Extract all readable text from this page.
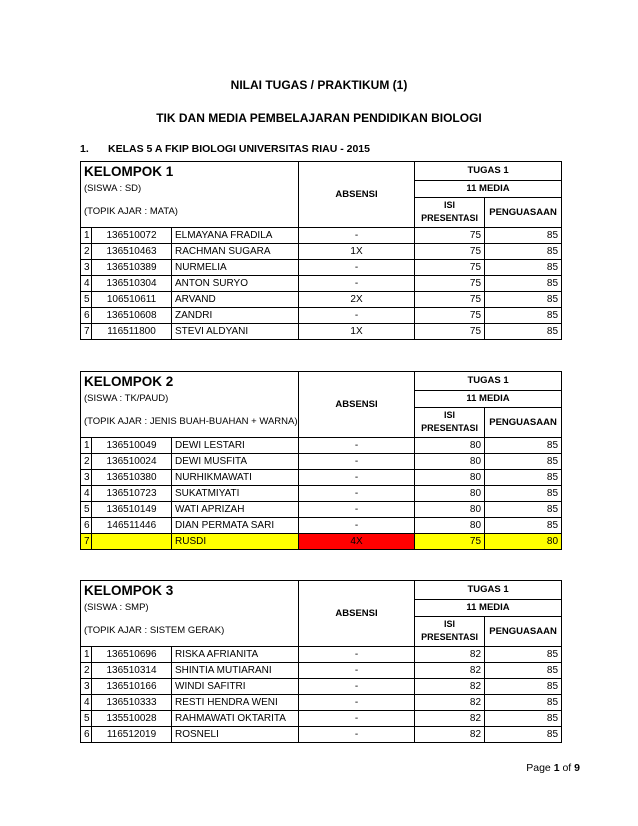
NILAI TUGAS / PRAKTIKUM (1)
TIK DAN MEDIA PEMBELAJARAN PENDIDIKAN BIOLOGI
1. KELAS 5 A FKIP BIOLOGI UNIVERSITAS RIAU - 2015
KELOMPOK 1			ABSENSI	TUGAS 1	
(SISWA : SD)				11 MEDIA	
(TOPIK AJAR : MATA)				ISI
PRESENTASI	PENGUASAAN

1	136510072	ELMAYANA FRADILA	-	75	85
2	136510463	RACHMAN SUGARA	1X	75	85
3	136510389	NURMELIA	-	75	85
4	136510304	ANTON SURYO	-	75	85
5	106510611	ARVAND	2X	75	85
6	136510608	ZANDRI	-	75	85
7	116511800	STEVI ALDYANI	1X	75	85
KELOMPOK 2			ABSENSI	TUGAS 1	
(SISWA : TK/PAUD)				11 MEDIA	
(TOPIK AJAR : JENIS BUAH-BUAHAN + WARNA)				ISI
PRESENTASI	PENGUASAAN

1	136510049	DEWI LESTARI	-	80	85
2	136510024	DEWI MUSFITA	-	80	85
3	136510380	NURHIKMAWATI	-	80	85
4	136510723	SUKATMIYATI	-	80	85
5	136510149	WATI APRIZAH	-	80	85
6	146511446	DIAN PERMATA SARI	-	80	85
7		RUSDI	4X	75	80
KELOMPOK 3			ABSENSI	TUGAS 1	
(SISWA : SMP)				11 MEDIA	
(TOPIK AJAR : SISTEM GERAK)				ISI
PRESENTASI	PENGUASAAN

1	136510696	RISKA AFRIANITA	-	82	85
2	136510314	SHINTIA MUTIARANI	-	82	85
3	136510166	WINDI SAFITRI	-	82	85
4	136510333	RESTI HENDRA WENI	-	82	85
5	135510028	RAHMAWATI OKTARITA	-	82	85
6	116512019	ROSNELI	-	82	85
Page 1 of 9
